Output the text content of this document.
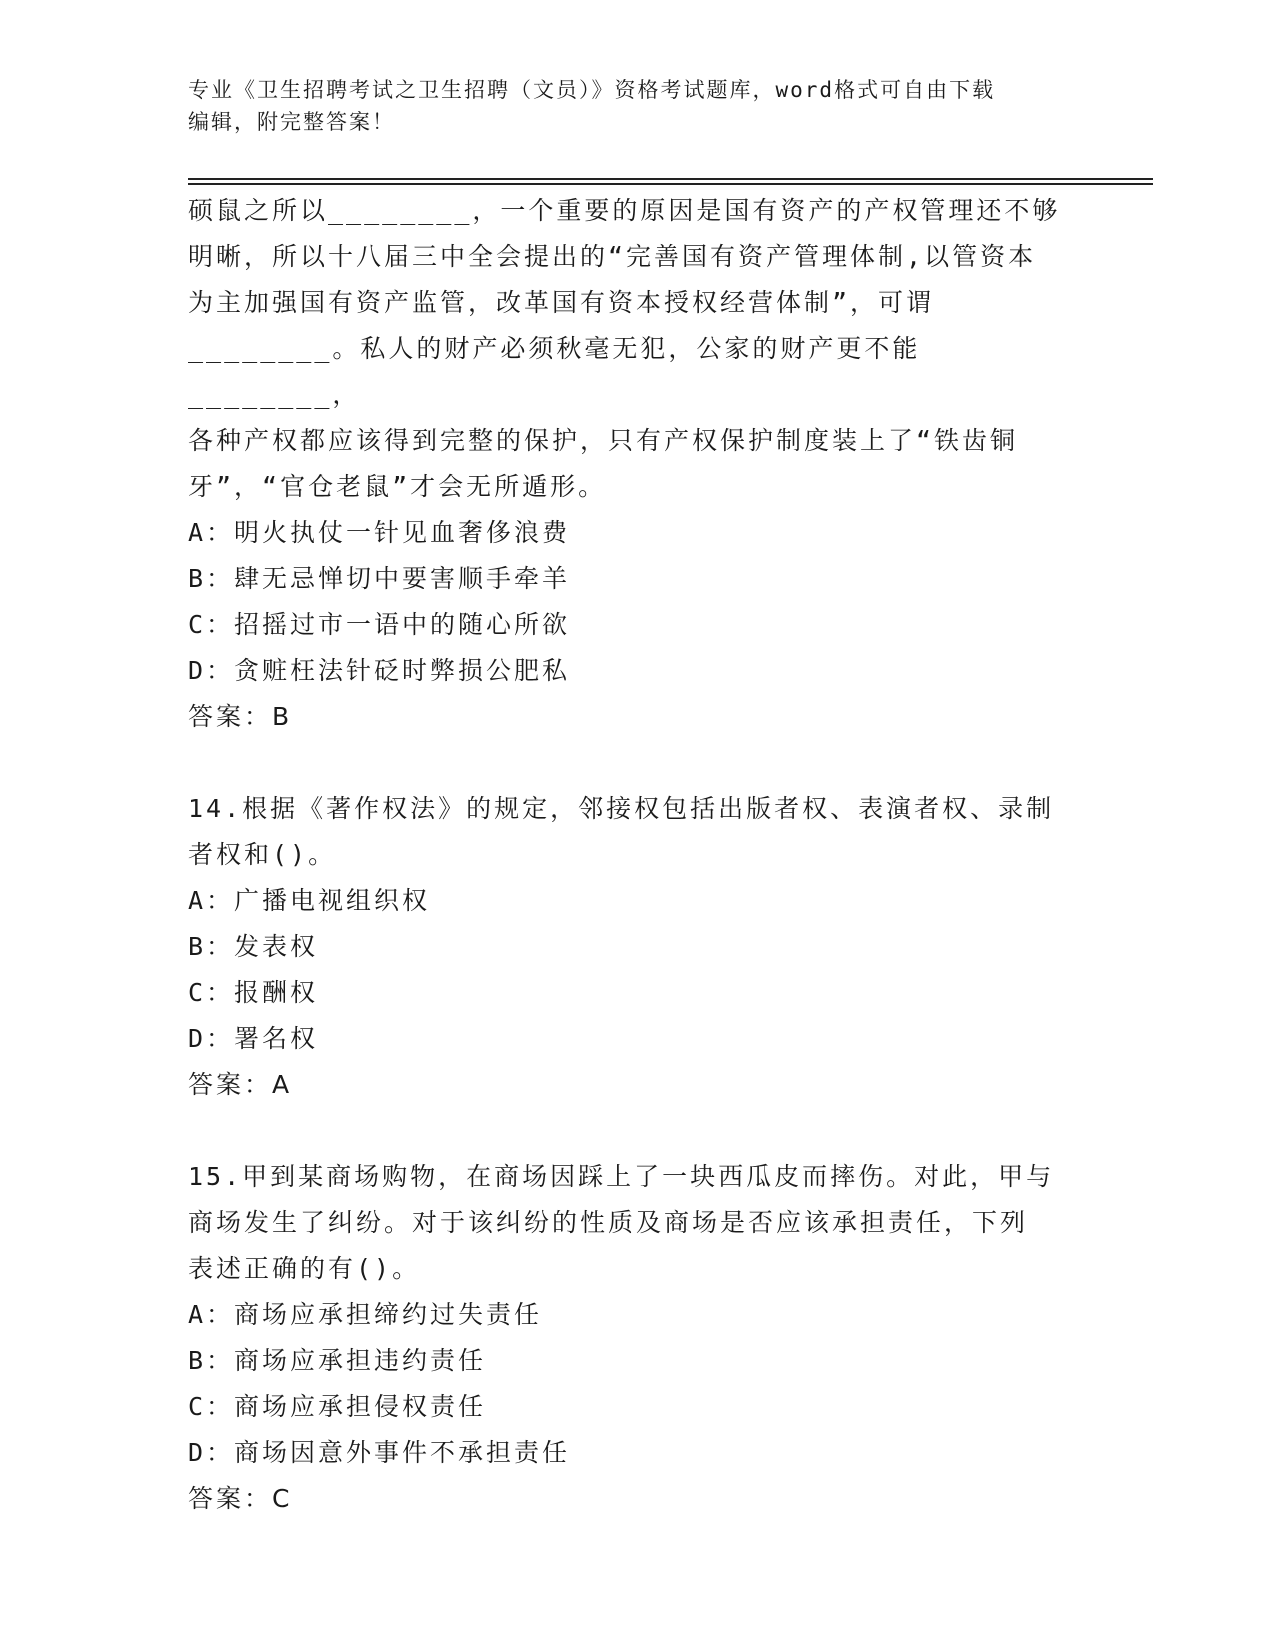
专业《卫生招聘考试之卫生招聘（文员）》资格考试题库，word格式可自由下载

编辑，附完整答案！

硕鼠之所以________，一个重要的原因是国有资产的产权管理还不够

明晰，所以十八届三中全会提出的“完善国有资产管理体制,以管资本

为主加强国有资产监管，改革国有资本授权经营体制”，可谓

________。私人的财产必须秋毫无犯，公家的财产更不能________，

各种产权都应该得到完整的保护，只有产权保护制度装上了“铁齿铜

牙”，“官仓老鼠”才会无所遁形。

A：明火执仗一针见血奢侈浪费

B：肆无忌惮切中要害顺手牵羊

C：招摇过市一语中的随心所欲

D：贪赃枉法针砭时弊损公肥私

答案：B

14.根据《著作权法》的规定，邻接权包括出版者权、表演者权、录制

者权和()。

A：广播电视组织权

B：发表权

C：报酬权

D：署名权

答案：A

15.甲到某商场购物，在商场因踩上了一块西瓜皮而摔伤。对此，甲与

商场发生了纠纷。对于该纠纷的性质及商场是否应该承担责任，下列

表述正确的有()。

A：商场应承担缔约过失责任

B：商场应承担违约责任

C：商场应承担侵权责任

D：商场因意外事件不承担责任

答案：C
